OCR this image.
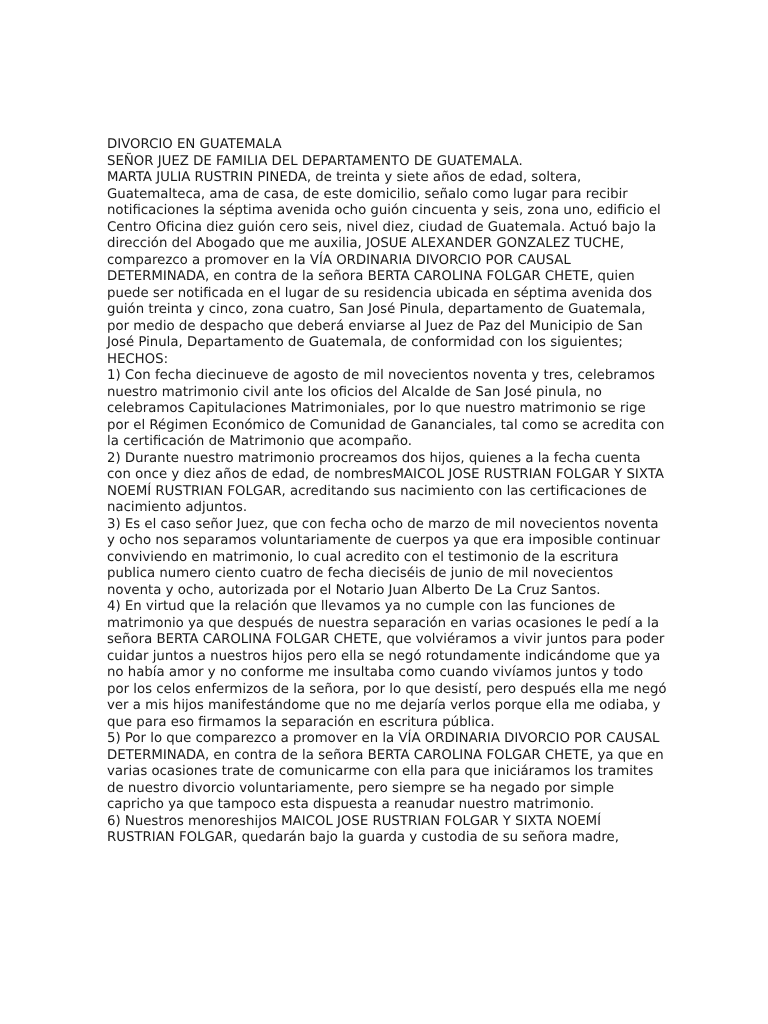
DIVORCIO EN GUATEMALA

SEÑOR JUEZ DE FAMILIA DEL DEPARTAMENTO DE GUATEMALA.

MARTA JULIA RUSTRIN PINEDA, de treinta y siete años de edad, soltera, Guatemalteca, ama de casa, de este domicilio, señalo como lugar para recibir notificaciones la séptima avenida ocho guión cincuenta y seis, zona uno, edificio el Centro Oficina diez guión cero seis, nivel diez, ciudad de Guatemala. Actuó bajo la dirección del Abogado que me auxilia, JOSUE ALEXANDER GONZALEZ TUCHE, comparezco a promover en la VÍA ORDINARIA DIVORCIO POR CAUSAL DETERMINADA, en contra de la señora BERTA CAROLINA FOLGAR CHETE, quien puede ser notificada en el lugar de su residencia ubicada en séptima avenida dos guión treinta y cinco, zona cuatro, San José Pinula, departamento de Guatemala, por medio de despacho que deberá enviarse al Juez de Paz del Municipio de San José Pinula, Departamento de Guatemala, de conformidad con los siguientes;

HECHOS:

1) Con fecha diecinueve de agosto de mil novecientos noventa y tres, celebramos nuestro matrimonio civil ante los oficios del Alcalde de San José pinula, no celebramos Capitulaciones Matrimoniales, por lo que nuestro matrimonio se rige por el Régimen Económico de Comunidad de Gananciales, tal como se acredita con la certificación de Matrimonio que acompaño.

2) Durante nuestro matrimonio procreamos dos hijos, quienes a la fecha cuenta con once y diez años de edad, de nombresMAICOL JOSE RUSTRIAN FOLGAR Y SIXTA NOEMÍ RUSTRIAN FOLGAR, acreditando sus nacimiento con las certificaciones de nacimiento adjuntos.

3) Es el caso señor Juez, que con fecha ocho de marzo de mil novecientos noventa y ocho nos separamos voluntariamente de cuerpos ya que era imposible continuar conviviendo en matrimonio, lo cual acredito con el testimonio de la escritura publica numero ciento cuatro de fecha dieciséis de junio de mil novecientos noventa y ocho, autorizada por el Notario Juan Alberto De La Cruz Santos.

4) En virtud que la relación que llevamos ya no cumple con las funciones de matrimonio ya que después de nuestra separación en varias ocasiones le pedí a la señora BERTA CAROLINA FOLGAR CHETE, que volviéramos a vivir juntos para poder cuidar juntos a nuestros hijos pero ella se negó rotundamente indicándome que ya no había amor y no conforme me insultaba como cuando vivíamos juntos y todo por los celos enfermizos de la señora, por lo que desistí, pero después ella me negó ver a mis hijos manifestándome que no me dejaría verlos porque ella me odiaba, y que para eso firmamos la separación en escritura pública.

5) Por lo que comparezco a promover en la VÍA ORDINARIA DIVORCIO POR CAUSAL DETERMINADA, en contra de la señora BERTA CAROLINA FOLGAR CHETE, ya que en varias ocasiones trate de comunicarme con ella para que iniciáramos los tramites de nuestro divorcio voluntariamente, pero siempre se ha negado por simple capricho ya que tampoco esta dispuesta a reanudar nuestro matrimonio.

6) Nuestros menoreshijos MAICOL JOSE RUSTRIAN FOLGAR Y SIXTA NOEMÍ RUSTRIAN FOLGAR, quedarán bajo la guarda y custodia de su señora madre,
